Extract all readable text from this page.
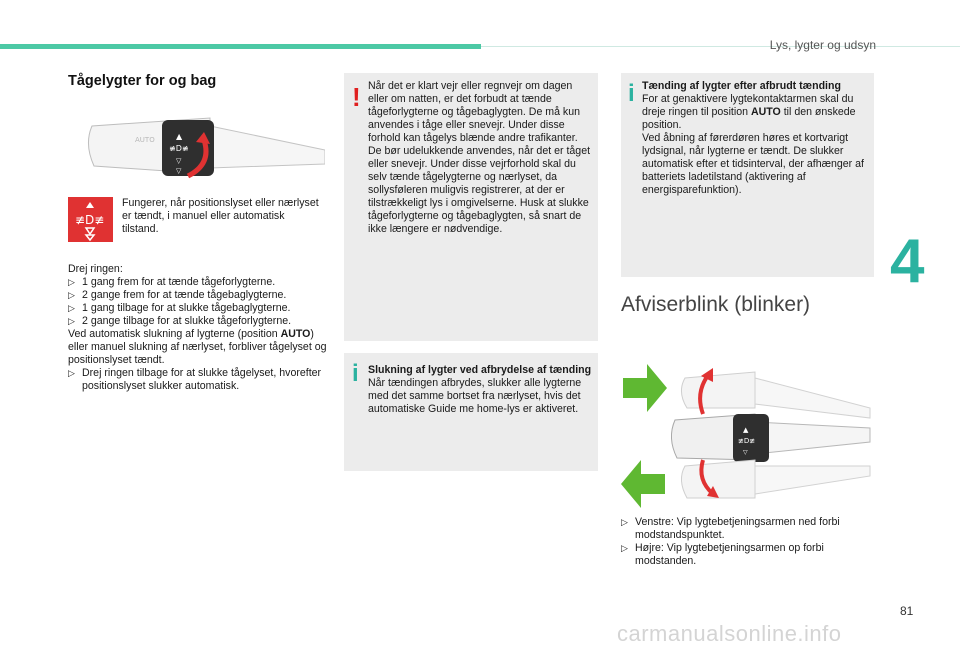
Lys, lygter og udsyn
4
81
carmanualsonline.info
Tågelygter for og bag
▲
≢D≢
▽
▽
AUTO
≢D≢
Fungerer, når positionslyset eller nærlyset er tændt, i manuel eller automatisk tilstand.

Drej ringen:

▷ 1 gang frem for at tænde tågeforlygterne.

▷ 2 gange frem for at tænde tågebaglygterne.

▷ 1 gang tilbage for at slukke tågebaglygterne.

▷ 2 gange tilbage for at slukke tågeforlygterne.

Ved automatisk slukning af lygterne (position AUTO) eller manuel slukning af nærlyset, forbliver tågelyset og positionslyset tændt.

▷ Drej ringen tilbage for at slukke tågelyset, hvorefter positionslyset slukker automatisk.

! Når det er klart vejr eller regnvejr om dagen eller om natten, er det forbudt at tænde tågeforlygterne og tågebaglygten. De må kun anvendes i tåge eller snevejr. Under disse forhold kan tågelys blænde andre trafikanter. De bør udelukkende anvendes, når det er tåget eller snevejr. Under disse vejrforhold skal du selv tænde tågelygterne og nærlyset, da sollysføleren muligvis registrerer, at der er tilstrækkeligt lys i omgivelserne. Husk at slukke tågeforlygterne og tågebaglygten, så snart de ikke længere er nødvendige.
i Slukning af lygter ved afbrydelse af tænding

Når tændingen afbrydes, slukker alle lygterne med det samme bortset fra nærlyset, hvis det automatiske Guide me home-lys er aktiveret.

i Tænding af lygter efter afbrudt tænding

For at genaktivere lygtekontaktarmen skal du dreje ringen til position AUTO til den ønskede position.

Ved åbning af førerdøren høres et kortvarigt lydsignal, når lygterne er tændt. De slukker automatisk efter et tidsinterval, der afhænger af batteriets ladetilstand (aktivering af energisparefunktion).

Afviserblink (blinker)
▲
≢D≢
▽

▷ Venstre: Vip lygtebetjeningsarmen ned forbi modstandspunktet.

▷ Højre: Vip lygtebetjeningsarmen op forbi modstanden.
